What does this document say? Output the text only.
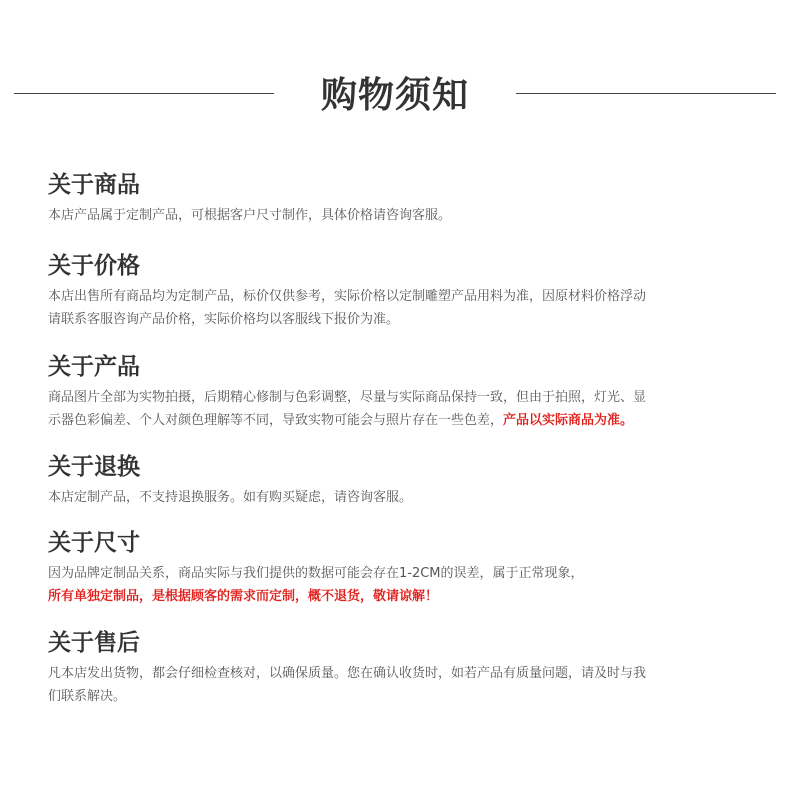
购物须知
关于商品

本店产品属于定制产品，可根据客户尺寸制作，具体价格请咨询客服。

关于价格

本店出售所有商品均为定制产品，标价仅供参考，实际价格以定制雕塑产品用料为准，因原材料价格浮动
请联系客服咨询产品价格，实际价格均以客服线下报价为准。

关于产品

商品图片全部为实物拍摄，后期精心修制与色彩调整，尽量与实际商品保持一致，但由于拍照，灯光、显
示器色彩偏差、个人对颜色理解等不同，导致实物可能会与照片存在一些色差，产品以实际商品为准。

关于退换

本店定制产品，不支持退换服务。如有购买疑虑，请咨询客服。

关于尺寸

因为品牌定制品关系，商品实际与我们提供的数据可能会存在1-2CM的误差，属于正常现象，
所有单独定制品，是根据顾客的需求而定制，概不退货，敬请谅解！

关于售后

凡本店发出货物，都会仔细检查核对，以确保质量。您在确认收货时，如若产品有质量问题，请及时与我
们联系解决。
